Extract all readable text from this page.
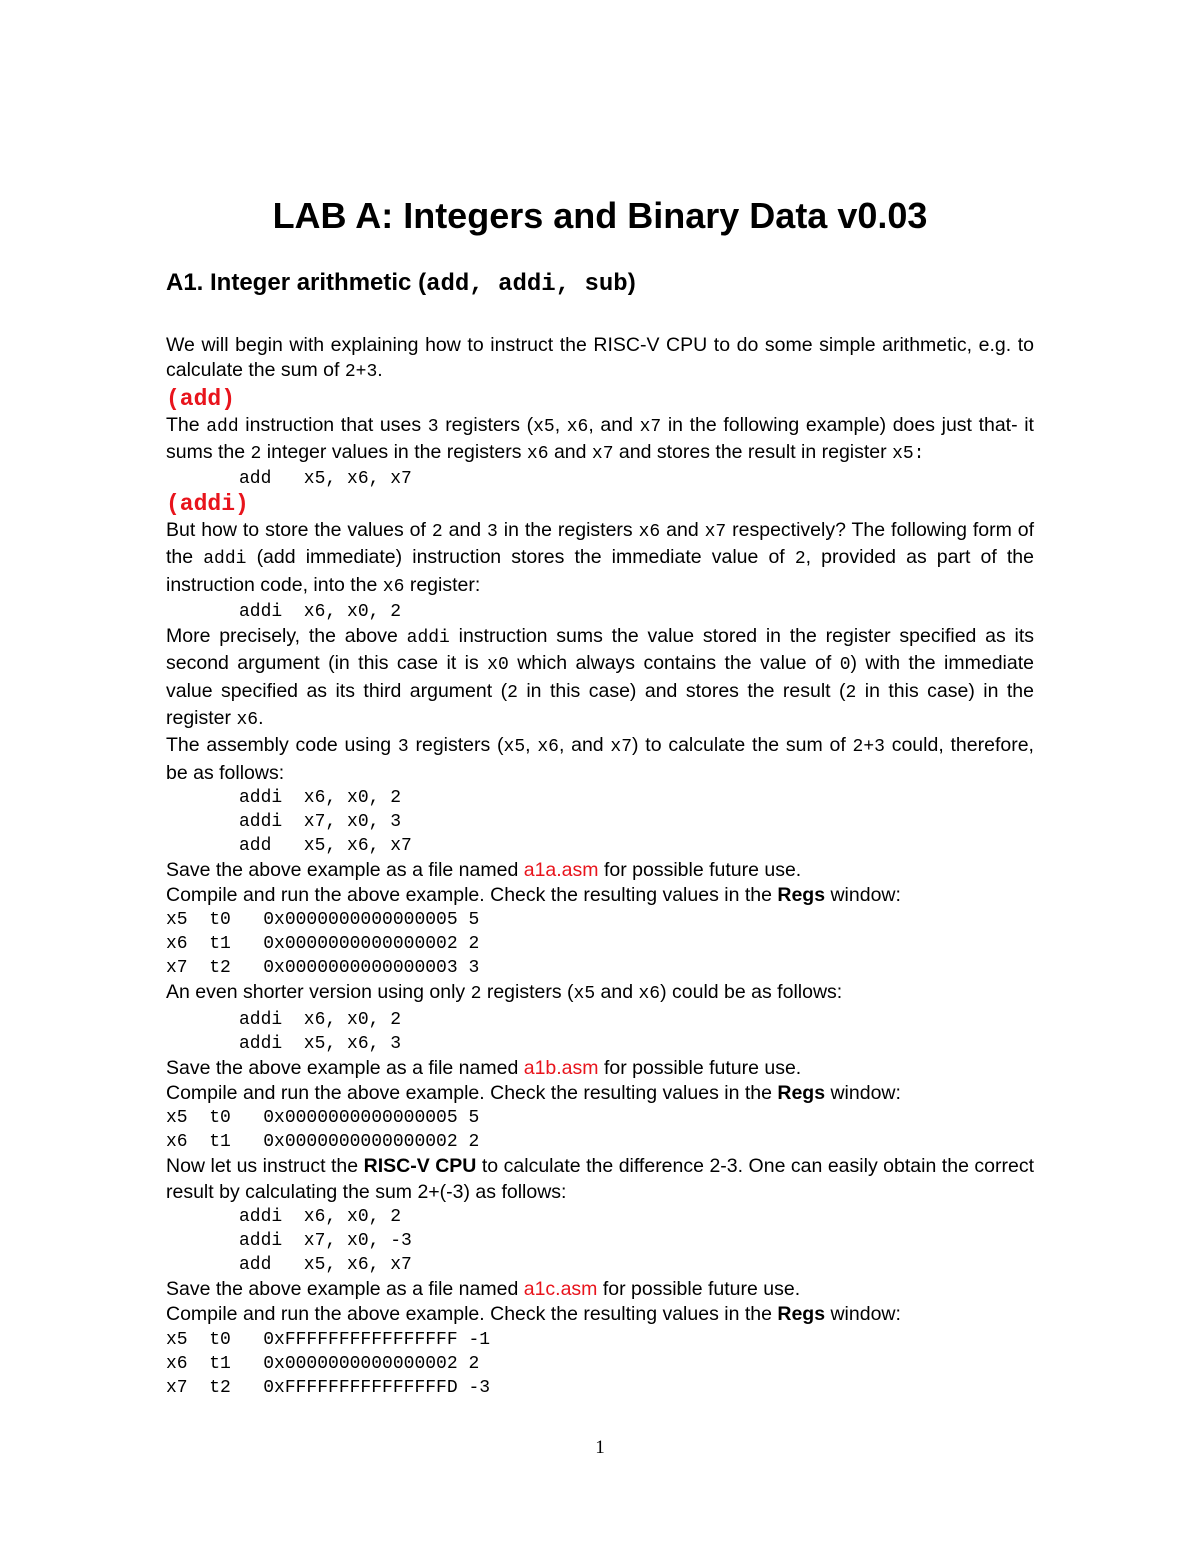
LAB A: Integers and Binary Data v0.03
A1. Integer arithmetic (add, addi, sub)

We will begin with explaining how to instruct the RISC-V CPU to do some simple arithmetic, e.g. to calculate the sum of 2+3.

(add)

The add instruction that uses 3 registers (x5, x6, and x7 in the following example) does just that- it sums the 2 integer values in the registers x6 and x7 and stores the result in register x5:

add   x5, x6, x7
(addi)

But how to store the values of 2 and 3 in the registers x6 and x7 respectively? The following form of the addi (add immediate) instruction stores the immediate value of 2, provided as part of the instruction code, into the x6 register:

addi  x6, x0, 2

More precisely, the above addi instruction sums the value stored in the register specified as its second argument (in this case it is x0 which always contains the value of 0) with the immediate value specified as its third argument (2 in this case) and stores the result (2 in this case) in the register x6.

The assembly code using 3 registers (x5, x6, and x7) to calculate the sum of 2+3 could, therefore, be as follows:

addi  x6, x0, 2
addi  x7, x0, 3
add   x5, x6, x7

Save the above example as a file named a1a.asm for possible future use.

Compile and run the above example. Check the resulting values in the Regs window:

x5  t0   0x0000000000000005 5
x6  t1   0x0000000000000002 2
x7  t2   0x0000000000000003 3

An even shorter version using only 2 registers (x5 and x6) could be as follows:

addi  x6, x0, 2
addi  x5, x6, 3

Save the above example as a file named a1b.asm for possible future use.

Compile and run the above example. Check the resulting values in the Regs window:

x5  t0   0x0000000000000005 5
x6  t1   0x0000000000000002 2

Now let us instruct the RISC-V CPU to calculate the difference 2-3. One can easily obtain the correct result by calculating the sum 2+(-3) as follows:

addi  x6, x0, 2
addi  x7, x0, -3
add   x5, x6, x7

Save the above example as a file named a1c.asm for possible future use.

Compile and run the above example. Check the resulting values in the Regs window:

x5  t0   0xFFFFFFFFFFFFFFFF -1
x6  t1   0x0000000000000002 2
x7  t2   0xFFFFFFFFFFFFFFFD -3
1
